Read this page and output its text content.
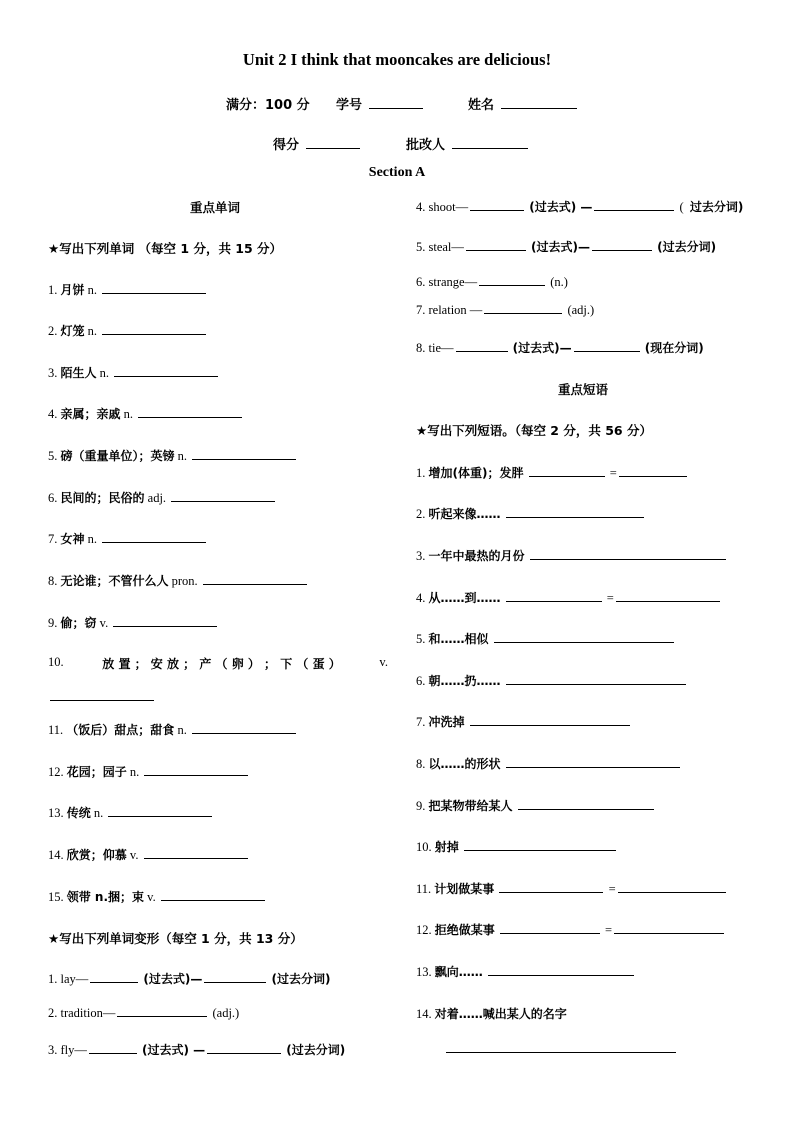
Unit 2 I think that mooncakes are delicious!
满分：100 分 学号	姓名
得分	批改人
Section A
重点单词
★写出下列单词 （每空 1 分，共 15 分）
1. 月饼 n.
2. 灯笼 n.
3. 陌生人 n.
4. 亲属；亲戚 n.
5. 磅（重量单位）；英镑 n.
6. 民间的；民俗的 adj.
7. 女神 n.
8. 无论谁；不管什么人 pron.
9. 偷；窃 v.
10.	放 置 ； 安 放 ； 产 （ 卵 ） ； 下 （ 蛋 ）	v.
11. （饭后）甜点；甜食 n.
12. 花园；园子 n.
13. 传统 n.
14. 欣赏；仰慕 v.
15. 领带 n.捆；束 v.
★写出下列单词变形（每空 1 分，共 13 分）
1. lay—	(过去式)—	(过去分词)
2. tradition—	(adj.)
3. fly—	(过去式) —	(过去分词)
4. shoot—	(过去式) —	( 过去分词)
5. steal—	(过去式)—	(过去分词)
6. strange—	(n.)
7. relation —	(adj.)
8. tie—	(过去式)—	(现在分词)
重点短语
★写出下列短语。（每空 2 分，共 56 分）
1. 增加(体重)；发胖	=
2. 听起来像……
3. 一年中最热的月份
4. 从……到……	=
5. 和……相似
6. 朝……扔……
7. 冲洗掉
8. 以……的形状
9. 把某物带给某人
10. 射掉
11. 计划做某事	=
12. 拒绝做某事	=
13. 飘向……
14. 对着……喊出某人的名字
